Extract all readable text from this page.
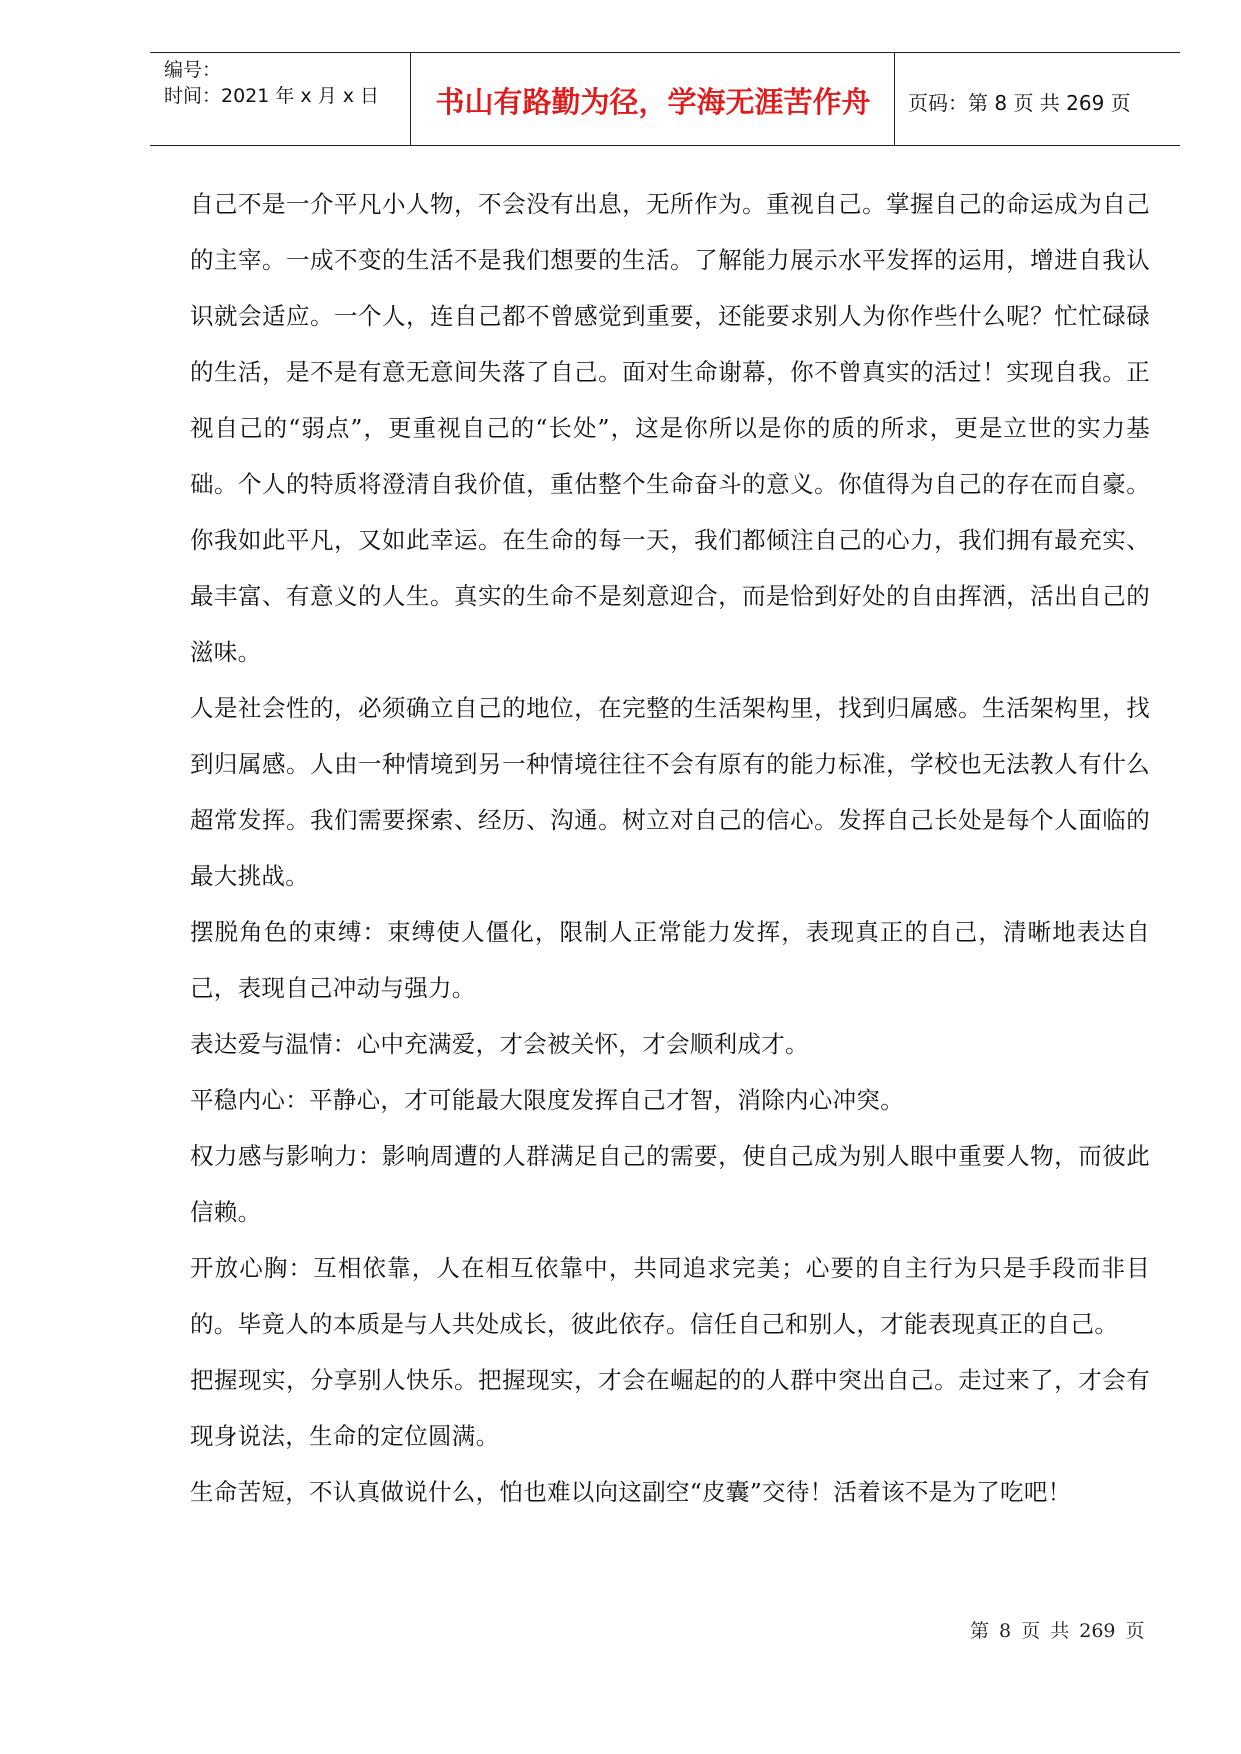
编号：
时间：2021 年 x 月 x 日	书山有路勤为径，学海无涯苦作舟	页码：第 8 页 共 269 页

自己不是一介平凡小人物，不会没有出息，无所作为。重视自己。掌握自己的命运成为自己的主宰。一成不变的生活不是我们想要的生活。了解能力展示水平发挥的运用，增进自我认识就会适应。一个人，连自己都不曾感觉到重要，还能要求别人为你作些什么呢？忙忙碌碌的生活，是不是有意无意间失落了自己。面对生命谢幕，你不曾真实的活过！实现自我。正视自己的“弱点”，更重视自己的“长处”，这是你所以是你的质的所求，更是立世的实力基础。个人的特质将澄清自我价值，重估整个生命奋斗的意义。你值得为自己的存在而自豪。你我如此平凡，又如此幸运。在生命的每一天，我们都倾注自己的心力，我们拥有最充实、最丰富、有意义的人生。真实的生命不是刻意迎合，而是恰到好处的自由挥洒，活出自己的滋味。

人是社会性的，必须确立自己的地位，在完整的生活架构里，找到归属感。生活架构里，找到归属感。人由一种情境到另一种情境往往不会有原有的能力标准，学校也无法教人有什么超常发挥。我们需要探索、经历、沟通。树立对自己的信心。发挥自己长处是每个人面临的最大挑战。

摆脱角色的束缚：束缚使人僵化，限制人正常能力发挥，表现真正的自己，清晰地表达自己，表现自己冲动与强力。

表达爱与温情：心中充满爱，才会被关怀，才会顺利成才。

平稳内心：平静心，才可能最大限度发挥自己才智，消除内心冲突。

权力感与影响力：影响周遭的人群满足自己的需要，使自己成为别人眼中重要人物，而彼此信赖。

开放心胸：互相依靠，人在相互依靠中，共同追求完美；心要的自主行为只是手段而非目的。毕竟人的本质是与人共处成长，彼此依存。信任自己和别人，才能表现真正的自己。

把握现实，分享别人快乐。把握现实，才会在崛起的的人群中突出自己。走过来了，才会有现身说法，生命的定位圆满。

生命苦短，不认真做说什么，怕也难以向这副空“皮囊”交待！活着该不是为了吃吧！

第 8 页 共 269 页
